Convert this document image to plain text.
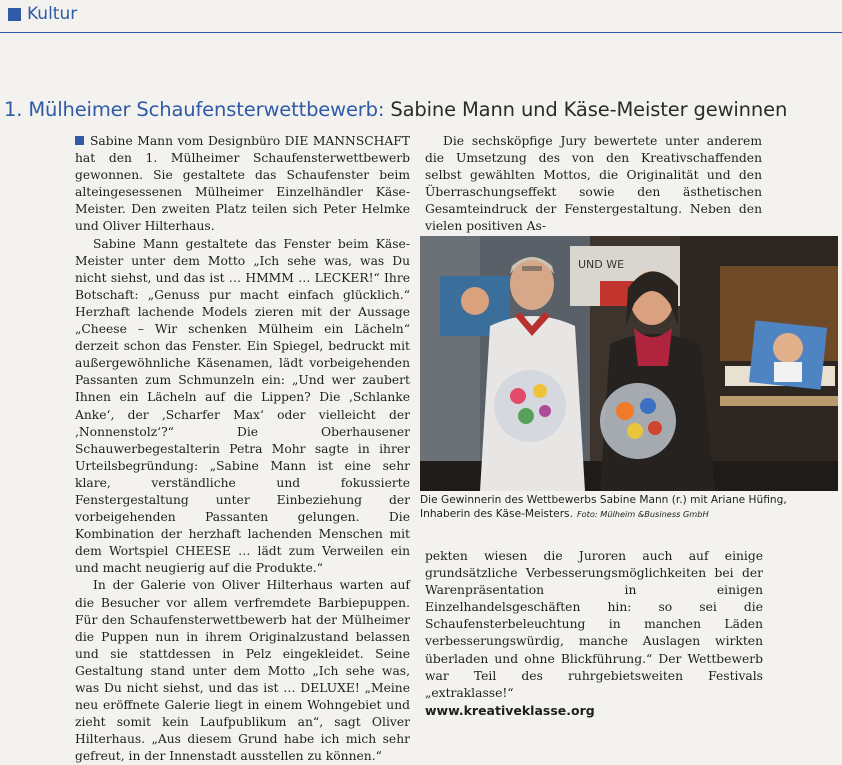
Kultur
1. Mülheimer Schaufensterwettbewerb: Sabine Mann und Käse-Meister gewinnen

Sabine Mann vom Designbüro DIE MANNSCHAFT hat den 1. Mülheimer Schaufensterwettbewerb gewonnen. Sie gestaltete das Schaufenster beim alteingesessenen Mülheimer Einzelhändler Käse-Meister. Den zweiten Platz teilen sich Peter Helmke und Oliver Hilterhaus.

Sabine Mann gestaltete das Fenster beim Käse-Meister unter dem Motto „Ich sehe was, was Du nicht siehst, und das ist … HMMM … LECKER!“ Ihre Botschaft: „Genuss pur macht einfach glücklich.“ Herzhaft lachende Models zieren mit der Aussage „Cheese – Wir schenken Mülheim ein Lächeln“ derzeit schon das Fenster. Ein Spiegel, bedruckt mit außergewöhnliche Käsenamen, lädt vorbeigehenden Passanten zum Schmunzeln ein: „Und wer zaubert Ihnen ein Lächeln auf die Lippen? Die ‚Schlanke Anke‘, der ‚Scharfer Max‘ oder vielleicht der ‚Nonnenstolz‘?“ Die Oberhausener Schauwerbegestalterin Petra Mohr sagte in ihrer Urteilsbegründung: „Sabine Mann ist eine sehr klare, verständliche und fokussierte Fenstergestaltung unter Einbeziehung der vorbeigehenden Passanten gelungen. Die Kombination der herzhaft lachenden Menschen mit dem Wortspiel CHEESE … lädt zum Verweilen ein und macht neugierig auf die Produkte.“

In der Galerie von Oliver Hilterhaus warten auf die Besucher vor allem verfremdete Barbiepuppen. Für den Schaufensterwettbewerb hat der Mülheimer die Puppen nun in ihrem Originalzustand belassen und sie stattdessen in Pelz eingekleidet. Seine Gestaltung stand unter dem Motto „Ich sehe was, was Du nicht siehst, und das ist … DELUXE! „Meine neu eröffnete Galerie liegt in einem Wohngebiet und zieht somit kein Laufpublikum an“, sagt Oliver Hilterhaus. „Aus diesem Grund habe ich mich sehr gefreut, in der Innenstadt ausstellen zu können.“

Die sechsköpfige Jury bewertete unter anderem die Umsetzung des von den Kreativschaffenden selbst gewählten Mottos, die Originalität und den Überraschungseffekt sowie den ästhetischen Gesamteindruck der Fenstergestaltung. Neben den vielen positiven As-

UND WE
Die Gewinnerin des Wettbewerbs Sabine Mann (r.) mit Ariane Hüfing, Inhaberin des Käse-Meisters. Foto: Mülheim &Business GmbH

pekten wiesen die Juroren auch auf einige grundsätzliche Verbesserungsmöglichkeiten bei der Warenpräsentation in einigen Einzelhandelsgeschäften hin: so sei die Schaufensterbeleuchtung in manchen Läden verbesserungswürdig, manche Auslagen wirkten überladen und ohne Blickführung.“ Der Wettbewerb war Teil des ruhrgebietsweiten Festivals „extraklasse!“

www.kreativeklasse.org
